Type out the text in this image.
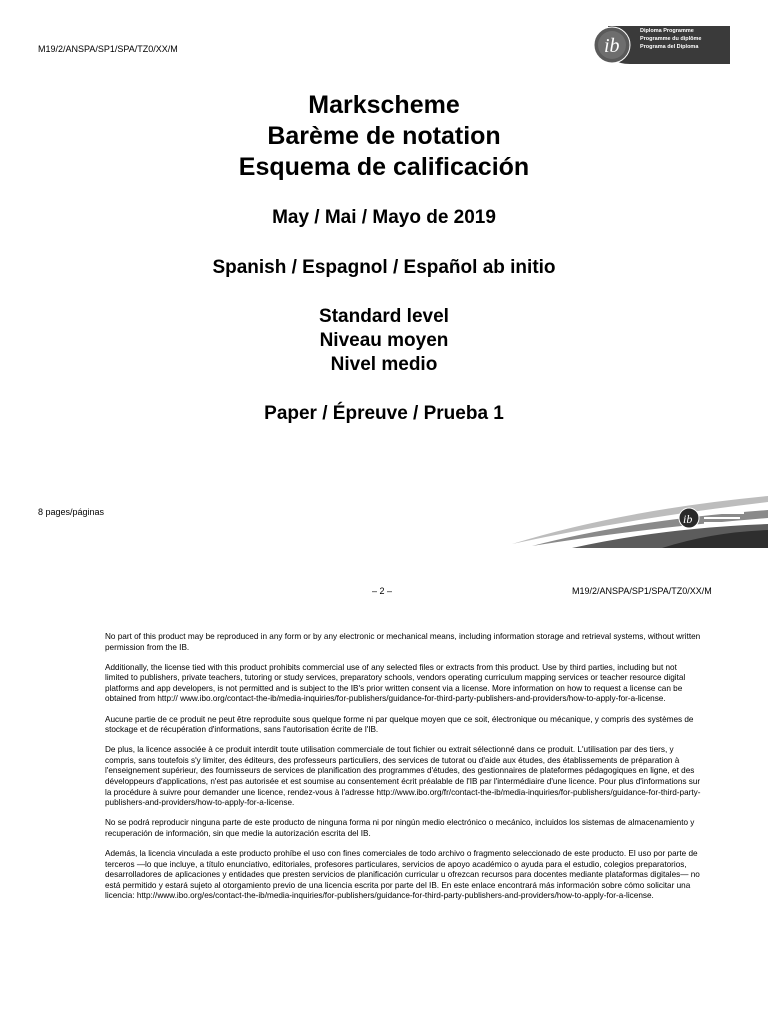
M19/2/ANSPA/SP1/SPA/TZ0/XX/M	ib
Diploma Programme
Programme du diplôme
Programa del Diploma
Markscheme
Barème de notation
Esquema de calificación
May / Mai / Mayo de 2019
Spanish / Espagnol / Español ab initio
Standard level
Niveau moyen
Nivel medio
Paper / Épreuve / Prueba 1
8 pages/páginas	ib
– 2 –	M19/2/ANSPA/SP1/SPA/TZ0/XX/M

No part of this product may be reproduced in any form or by any electronic or mechanical means, including information storage and retrieval systems, without written permission from the IB.

Additionally, the license tied with this product prohibits commercial use of any selected files or extracts from this product. Use by third parties, including but not limited to publishers, private teachers, tutoring or study services, preparatory schools, vendors operating curriculum mapping services or teacher resource digital platforms and app developers, is not permitted and is subject to the IB's prior written consent via a license. More information on how to request a license can be obtained from http:// www.ibo.org/contact-the-ib/media-inquiries/for-publishers/guidance-for-third-party-publishers-and-providers/how-to-apply-for-a-license.

Aucune partie de ce produit ne peut être reproduite sous quelque forme ni par quelque moyen que ce soit, électronique ou mécanique, y compris des systèmes de stockage et de récupération d'informations, sans l'autorisation écrite de l'IB.

De plus, la licence associée à ce produit interdit toute utilisation commerciale de tout fichier ou extrait sélectionné dans ce produit. L'utilisation par des tiers, y compris, sans toutefois s'y limiter, des éditeurs, des professeurs particuliers, des services de tutorat ou d'aide aux études, des établissements de préparation à l'enseignement supérieur, des fournisseurs de services de planification des programmes d'études, des gestionnaires de plateformes pédagogiques en ligne, et des développeurs d'applications, n'est pas autorisée et est soumise au consentement écrit préalable de l'IB par l'intermédiaire d'une licence. Pour plus d'informations sur la procédure à suivre pour demander une licence, rendez-vous à l'adresse http://www.ibo.org/fr/contact-the-ib/media-inquiries/for-publishers/guidance-for-third-party-publishers-and-providers/how-to-apply-for-a-license.

No se podrá reproducir ninguna parte de este producto de ninguna forma ni por ningún medio electrónico o mecánico, incluidos los sistemas de almacenamiento y recuperación de información, sin que medie la autorización escrita del IB.

Además, la licencia vinculada a este producto prohíbe el uso con fines comerciales de todo archivo o fragmento seleccionado de este producto. El uso por parte de terceros —lo que incluye, a título enunciativo, editoriales, profesores particulares, servicios de apoyo académico o ayuda para el estudio, colegios preparatorios, desarrolladores de aplicaciones y entidades que presten servicios de planificación curricular u ofrezcan recursos para docentes mediante plataformas digitales— no está permitido y estará sujeto al otorgamiento previo de una licencia escrita por parte del IB. En este enlace encontrará más información sobre cómo solicitar una licencia: http://www.ibo.org/es/contact-the-ib/media-inquiries/for-publishers/guidance-for-third-party-publishers-and-providers/how-to-apply-for-a-license.
